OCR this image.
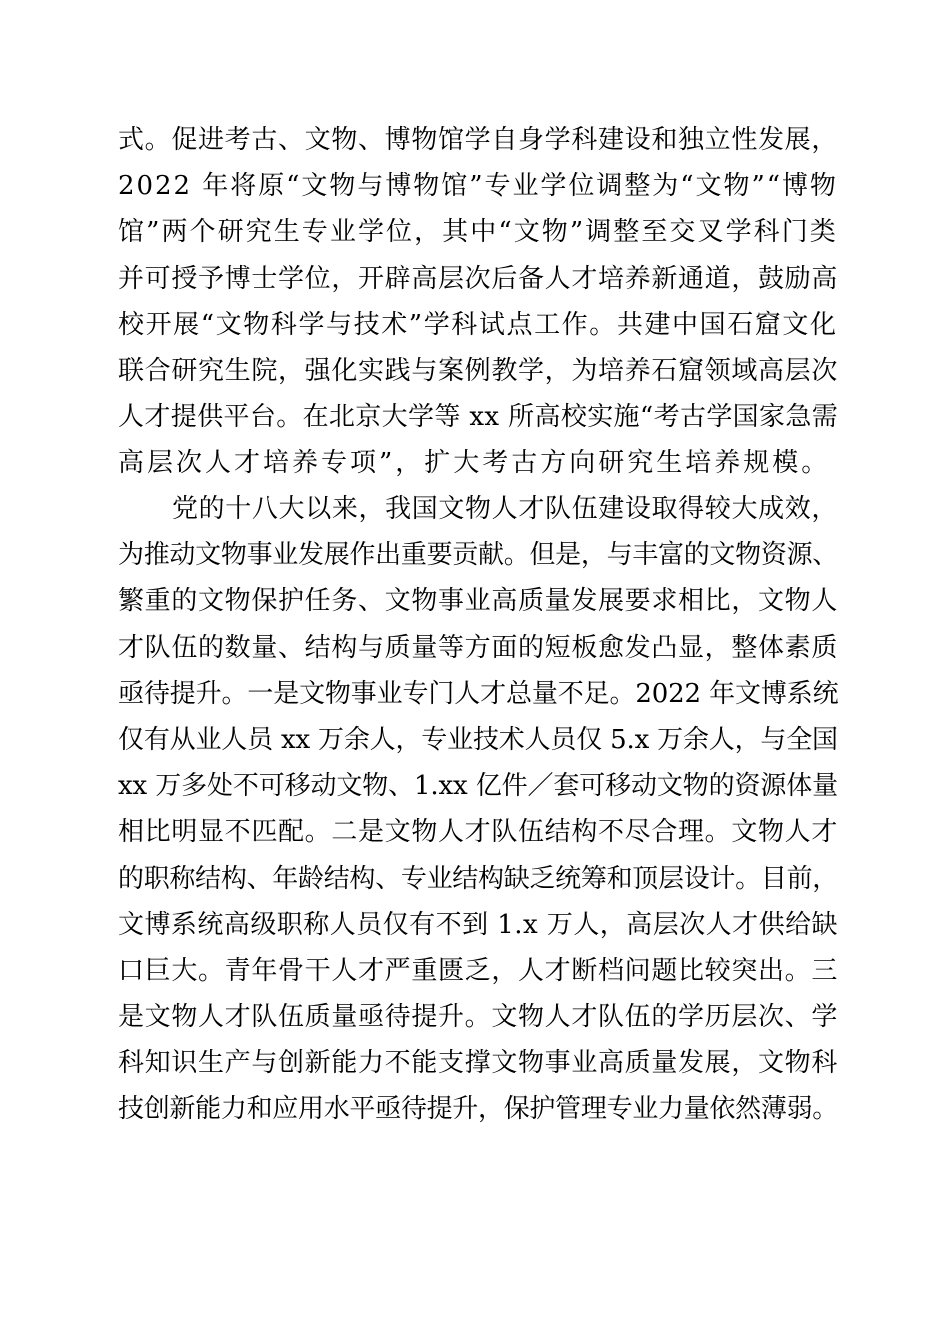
式。促进考古、文物、博物馆学自身学科建设和独立性发展，
2022 年将原“文物与博物馆”专业学位调整为“文物”“博物
馆”两个研究生专业学位，其中“文物”调整至交叉学科门类
并可授予博士学位，开辟高层次后备人才培养新通道，鼓励高
校开展“文物科学与技术”学科试点工作。共建中国石窟文化
联合研究生院，强化实践与案例教学，为培养石窟领域高层次
人才提供平台。在北京大学等 xx 所高校实施“考古学国家急需
高层次人才培养专项”，扩大考古方向研究生培养规模。
党的十八大以来，我国文物人才队伍建设取得较大成效，
为推动文物事业发展作出重要贡献。但是，与丰富的文物资源、
繁重的文物保护任务、文物事业高质量发展要求相比，文物人
才队伍的数量、结构与质量等方面的短板愈发凸显，整体素质
亟待提升。一是文物事业专门人才总量不足。2022 年文博系统
仅有从业人员 xx 万余人，专业技术人员仅 5.x 万余人，与全国
xx 万多处不可移动文物、1.xx 亿件／套可移动文物的资源体量
相比明显不匹配。二是文物人才队伍结构不尽合理。文物人才
的职称结构、年龄结构、专业结构缺乏统筹和顶层设计。目前，
文博系统高级职称人员仅有不到 1.x 万人，高层次人才供给缺
口巨大。青年骨干人才严重匮乏，人才断档问题比较突出。三
是文物人才队伍质量亟待提升。文物人才队伍的学历层次、学
科知识生产与创新能力不能支撑文物事业高质量发展，文物科
技创新能力和应用水平亟待提升，保护管理专业力量依然薄弱。
